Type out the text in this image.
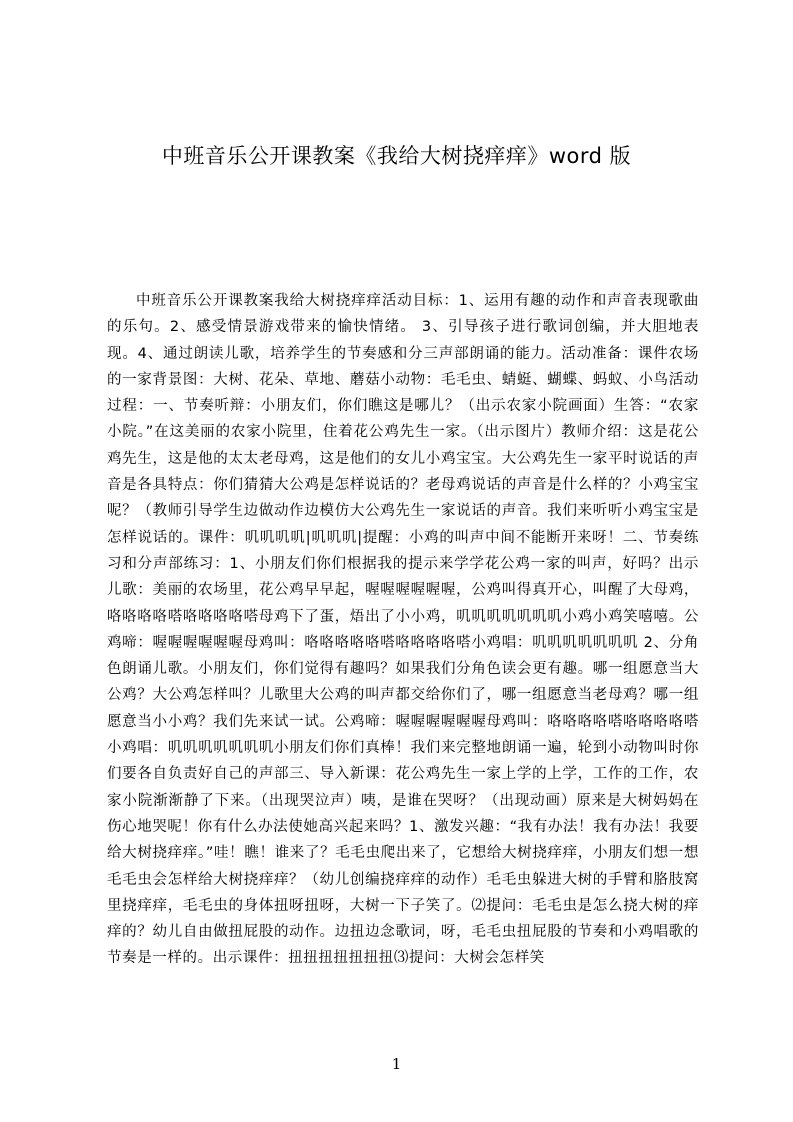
中班音乐公开课教案《我给大树挠痒痒》word 版

中班音乐公开课教案我给大树挠痒痒活动目标：1、运用有趣的动作和声音表现歌曲的乐句。2、感受情景游戏带来的愉快情绪。 3、引导孩子进行歌词创编，并大胆地表现。4、通过朗读儿歌，培养学生的节奏感和分三声部朗诵的能力。活动准备：课件农场的一家背景图：大树、花朵、草地、蘑菇小动物：毛毛虫、蜻蜓、蝴蝶、蚂蚁、小鸟活动过程：一、节奏听辩：小朋友们，你们瞧这是哪儿？（出示农家小院画面）生答：“农家小院。”在这美丽的农家小院里，住着花公鸡先生一家。（出示图片）教师介绍：这是花公鸡先生，这是他的太太老母鸡，这是他们的女儿小鸡宝宝。大公鸡先生一家平时说话的声音是各具特点：你们猜猜大公鸡是怎样说话的？老母鸡说话的声音是什么样的？小鸡宝宝呢？（教师引导学生边做动作边模仿大公鸡先生一家说话的声音。我们来听听小鸡宝宝是怎样说话的。课件：叽叽叽叽|叽叽叽|提醒：小鸡的叫声中间不能断开来呀！二、节奏练习和分声部练习：1、小朋友们你们根据我的提示来学学花公鸡一家的叫声，好吗？出示儿歌：美丽的农场里，花公鸡早早起，喔喔喔喔喔喔，公鸡叫得真开心，叫醒了大母鸡，咯咯咯咯嗒咯咯咯咯嗒母鸡下了蛋，焐出了小小鸡，叽叽叽叽叽叽叽小鸡小鸡笑嘻嘻。公鸡啼：喔喔喔喔喔喔母鸡叫：咯咯咯咯咯嗒咯咯咯咯嗒小鸡唱：叽叽叽叽叽叽叽 2、分角色朗诵儿歌。小朋友们，你们觉得有趣吗？如果我们分角色读会更有趣。哪一组愿意当大公鸡？大公鸡怎样叫？儿歌里大公鸡的叫声都交给你们了，哪一组愿意当老母鸡？哪一组愿意当小小鸡？我们先来试一试。公鸡啼：喔喔喔喔喔喔母鸡叫：咯咯咯咯嗒咯咯咯咯嗒小鸡唱：叽叽叽叽叽叽叽小朋友们你们真棒！我们来完整地朗诵一遍，轮到小动物叫时你们要各自负责好自己的声部三、导入新课：花公鸡先生一家上学的上学，工作的工作，农家小院渐渐静了下来。（出现哭泣声）咦，是谁在哭呀？（出现动画）原来是大树妈妈在伤心地哭呢！你有什么办法使她高兴起来吗？1、激发兴趣：“我有办法！我有办法！我要给大树挠痒痒。”哇！瞧！谁来了？毛毛虫爬出来了，它想给大树挠痒痒，小朋友们想一想毛毛虫会怎样给大树挠痒痒？（幼儿创编挠痒痒的动作）毛毛虫躲进大树的手臂和胳肢窝里挠痒痒，毛毛虫的身体扭呀扭呀，大树一下子笑了。⑵提问：毛毛虫是怎么挠大树的痒痒的？幼儿自由做扭屁股的动作。边扭边念歌词，呀，毛毛虫扭屁股的节奏和小鸡唱歌的节奏是一样的。出示课件：扭扭扭扭扭扭扭⑶提问：大树会怎样笑

1
